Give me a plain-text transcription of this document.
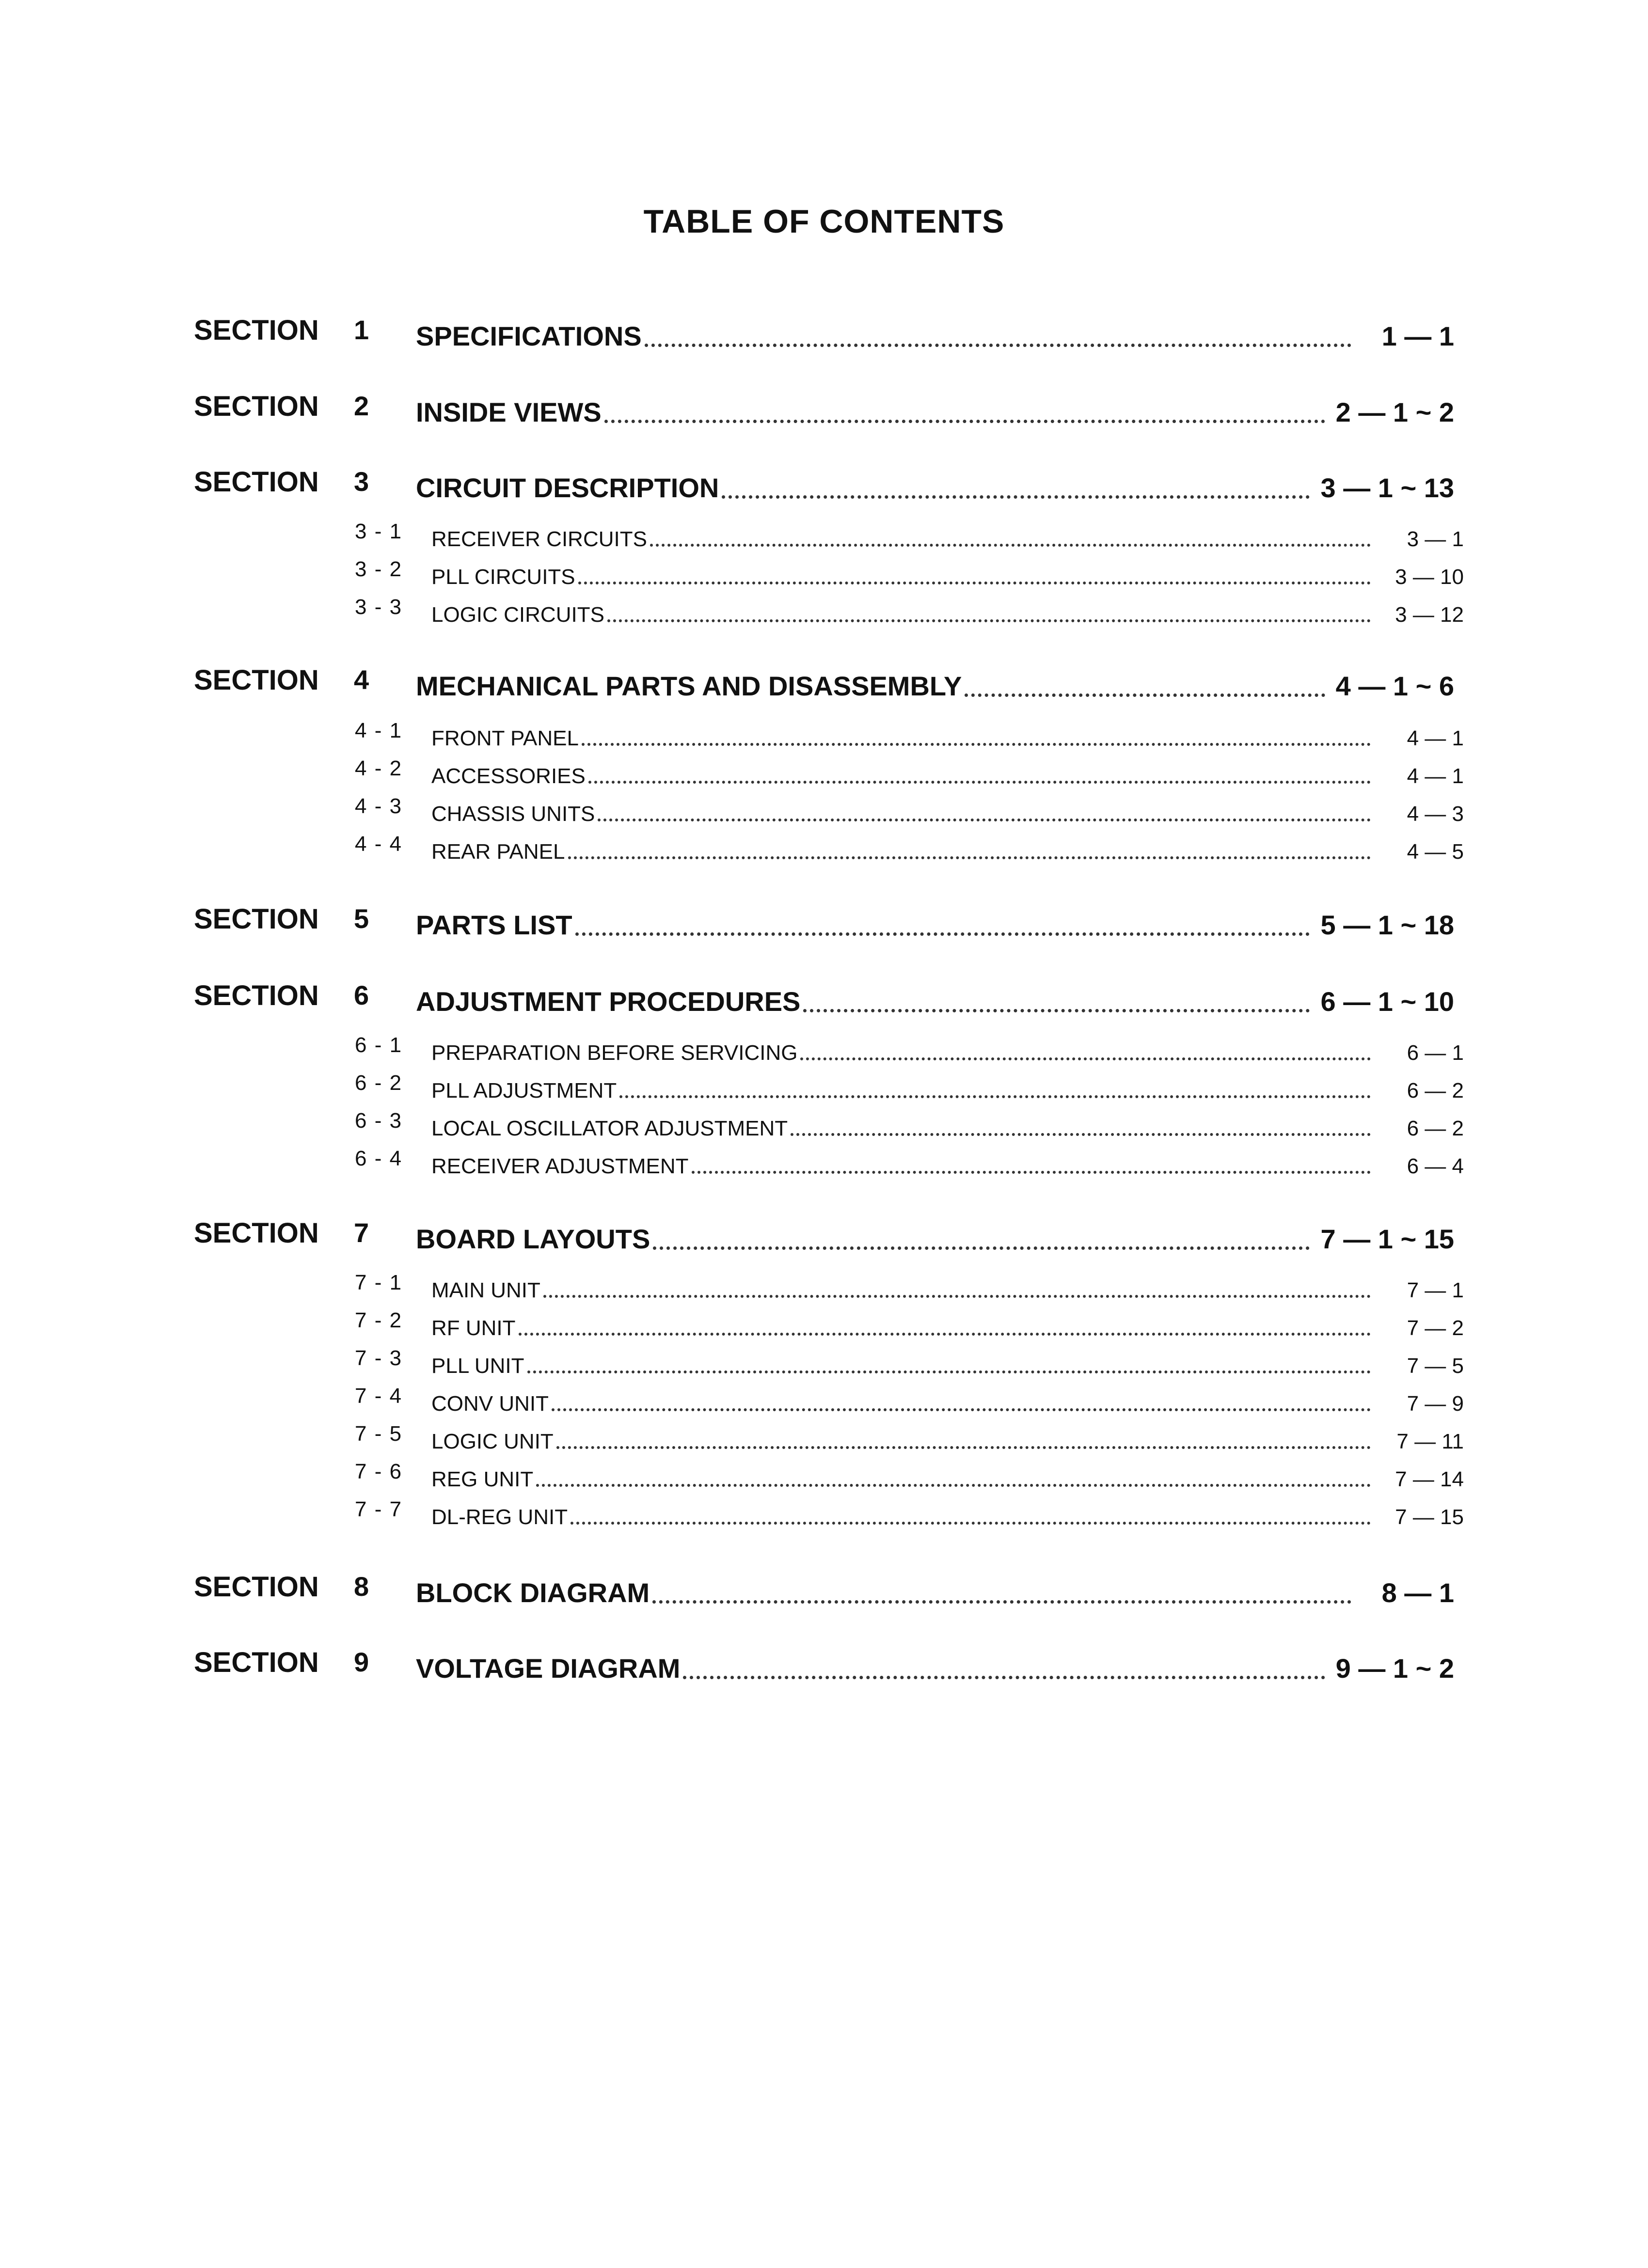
TABLE OF CONTENTS
SECTION 1 SPECIFICATIONS	1 — 1
SECTION 2 INSIDE VIEWS	2 — 1 ~ 2
SECTION 3 CIRCUIT DESCRIPTION	3 — 1 ~ 13
3 - 1 RECEIVER CIRCUITS	3 — 1
3 - 2 PLL CIRCUITS	3 — 10
3 - 3 LOGIC CIRCUITS	3 — 12
SECTION 4 MECHANICAL PARTS AND DISASSEMBLY	4 — 1 ~ 6
4 - 1 FRONT PANEL	4 — 1
4 - 2 ACCESSORIES	4 — 1
4 - 3 CHASSIS UNITS	4 — 3
4 - 4 REAR PANEL	4 — 5
SECTION 5 PARTS LIST	5 — 1 ~ 18
SECTION 6 ADJUSTMENT PROCEDURES	6 — 1 ~ 10
6 - 1 PREPARATION BEFORE SERVICING	6 — 1
6 - 2 PLL ADJUSTMENT	6 — 2
6 - 3 LOCAL OSCILLATOR ADJUSTMENT	6 — 2
6 - 4 RECEIVER ADJUSTMENT	6 — 4
SECTION 7 BOARD LAYOUTS	7 — 1 ~ 15
7 - 1 MAIN UNIT	7 — 1
7 - 2 RF UNIT	7 — 2
7 - 3 PLL UNIT	7 — 5
7 - 4 CONV UNIT	7 — 9
7 - 5 LOGIC UNIT	7 — 11
7 - 6 REG UNIT	7 — 14
7 - 7 DL-REG UNIT	7 — 15
SECTION 8 BLOCK DIAGRAM	8 — 1
SECTION 9 VOLTAGE DIAGRAM	9 — 1 ~ 2
